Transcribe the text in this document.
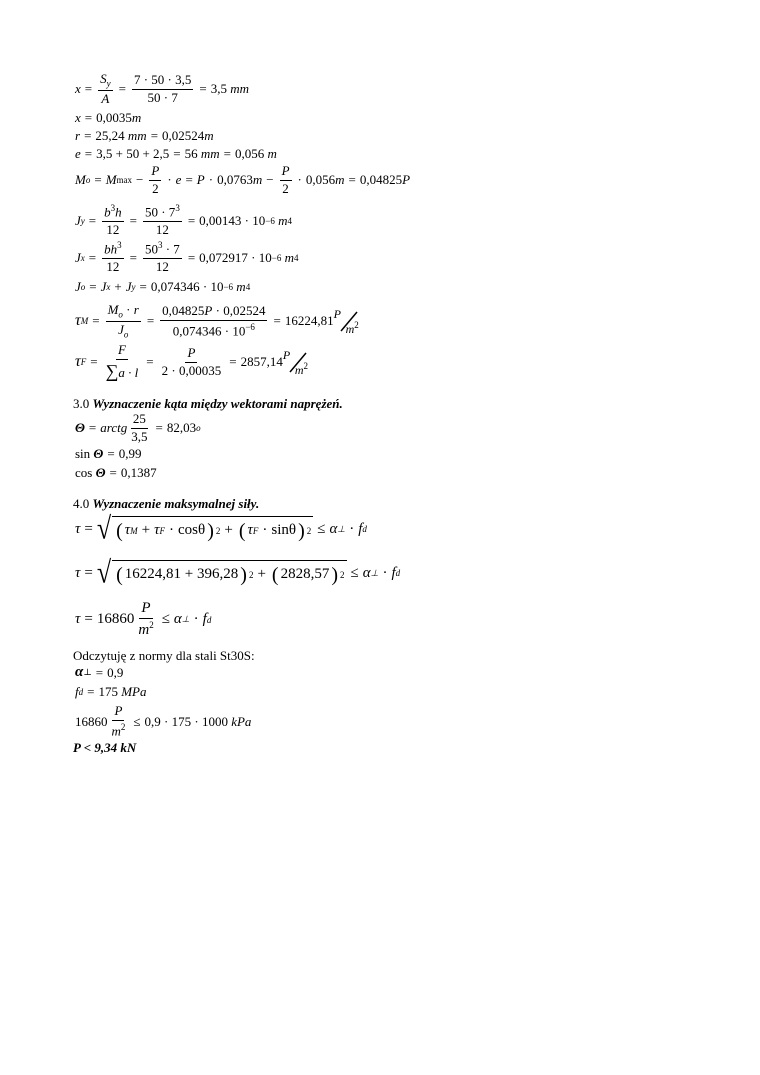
$x = \frac{S_y}{A} = \frac{7 \cdot 50 \cdot 3,5}{50 \cdot 7} = 3,5$
mm
x = 0,0035 m
r = 25,24
mm = 0,02524 m
e = 3,5 + 50 + 2,5 = 56
mm = 0,056
m
M o = M $\max - \frac{P}{2} \cdot e = P \cdot 0,0763$ $m - \frac{P}{2} \cdot 0,056$ m = 0,04825 P
J $y = \frac{b^3h}{12} = \frac{50 \cdot 7^3}{12} = 0,00143 \cdot 10 -6$
m 4
J $x = \frac{bh^3}{12} = \frac{50^3 \cdot 7}{12} = 0,072917 \cdot 10 -6$
m 4
J o = J x + J y = 0,074346 · 10 −6
m 4
τ $M = \frac{M_o \cdot r}{J_o} = \frac{0,04825P \cdot 0,02524}{0,074346 \cdot 10^{-6}} = 16224,81$ P
$m^2$
τ $F = \frac{F}{\sum a \cdot l} = \frac{P}{2 \cdot 0,00035} = 2857,14$ P
$m^2$
3.0 Wyznaczenie kąta między wektorami naprężeń.
Θ = arctg $\frac{25}{3,5} = 82,03$ o
sin
Θ = 0,99
cos
Θ = 0,1387
4.0 Wyznaczenie maksymalnej siły.
τ = √ ( τ M + τ F · cosθ ) 2 + ( τ F · sinθ ) 2 ≤ α ⊥ · f d
τ = √ ( 16224,81 + 396,28 ) 2 + ( 2828,57 ) 2 ≤ α ⊥ · f d
$\tau = 16860 \frac{P}{m^2} \le \alpha$ ⊥ · f d
Odczytuję z normy dla stali St30S:
α ⊥ = 0,9
f d = 175
MPa
$16860 \frac{P}{m^2} \le 0,9 \cdot 175 \cdot 1000$
kPa
P < 9,34 kN
